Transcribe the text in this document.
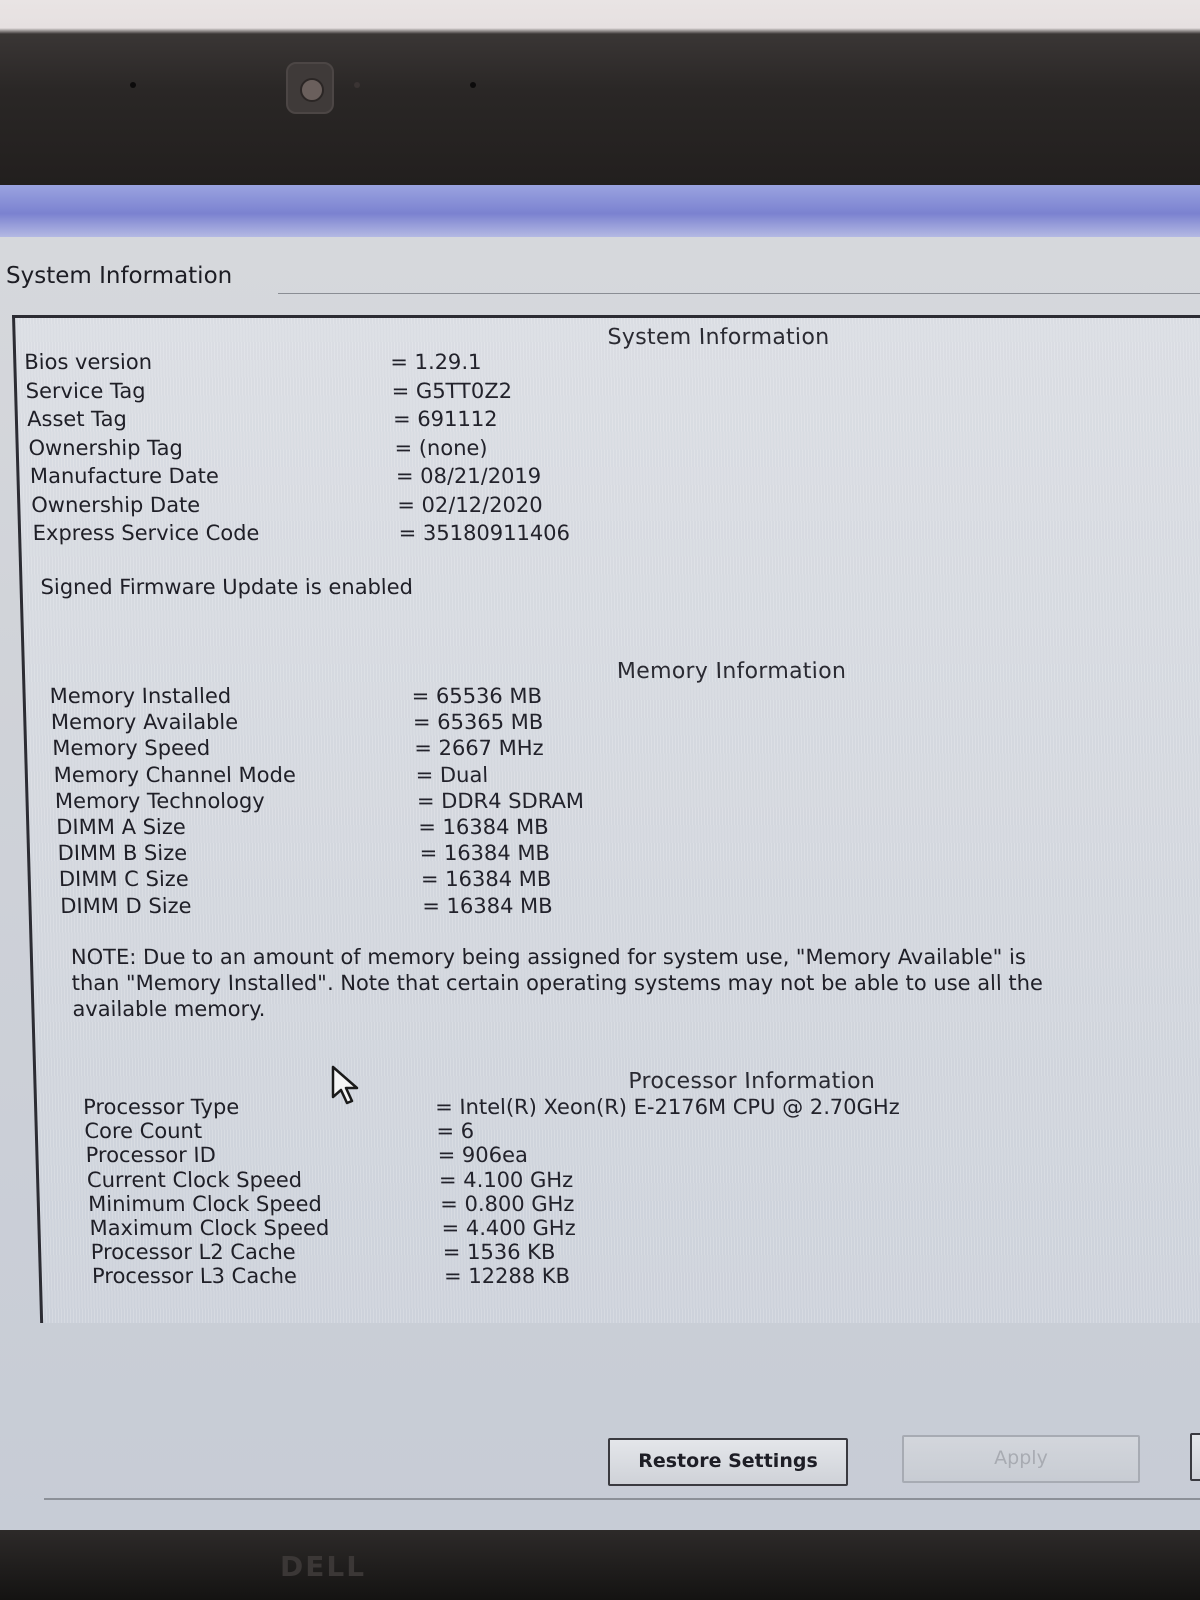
System Information
System Information
Bios version	= 1.29.1
Service Tag	= G5TT0Z2
Asset Tag	= 691112
Ownership Tag	= (none)
Manufacture Date	= 08/21/2019
Ownership Date	= 02/12/2020
Express Service Code	= 35180911406
Signed Firmware Update is enabled
Memory Information
Memory Installed	= 65536 MB
Memory Available	= 65365 MB
Memory Speed	= 2667 MHz
Memory Channel Mode	= Dual
Memory Technology	= DDR4 SDRAM
DIMM A Size	= 16384 MB
DIMM B Size	= 16384 MB
DIMM C Size	= 16384 MB
DIMM D Size	= 16384 MB
NOTE: Due to an amount of memory being assigned for system use, "Memory Available" is
than "Memory Installed". Note that certain operating systems may not be able to use all the
available memory.
Processor Information
Processor Type	= Intel(R) Xeon(R) E-2176M CPU @ 2.70GHz
Core Count	= 6
Processor ID	= 906ea
Current Clock Speed	= 4.100 GHz
Minimum Clock Speed	= 0.800 GHz
Maximum Clock Speed	= 4.400 GHz
Processor L2 Cache	= 1536 KB
Processor L3 Cache	= 12288 KB
Restore Settings	Apply
DELL
